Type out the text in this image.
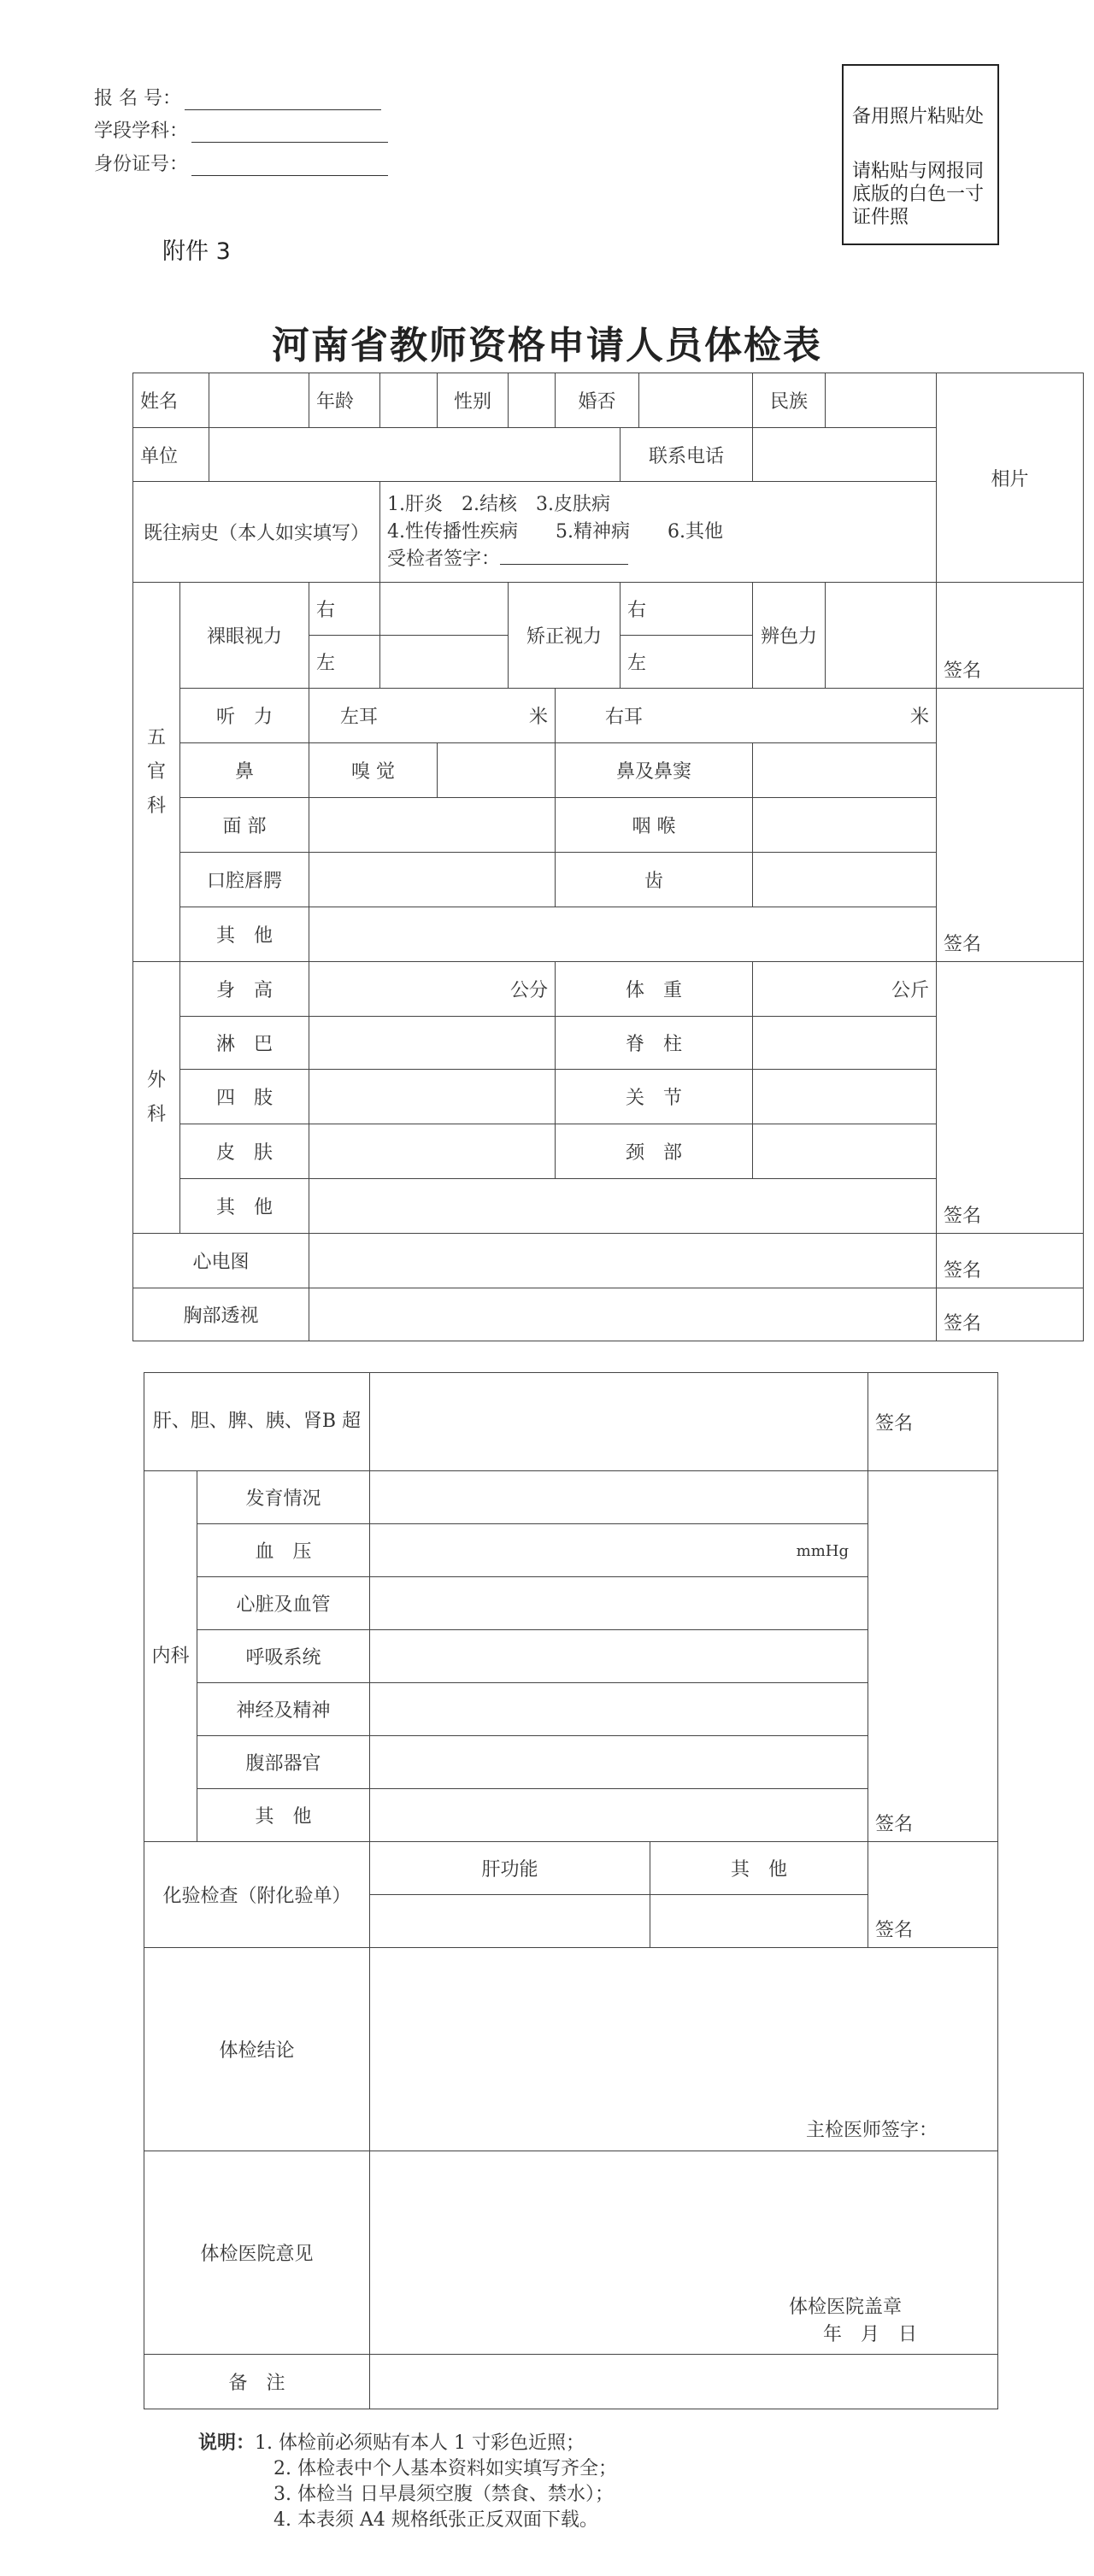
报 名 号：
学段学科：
身份证号：
备用照片粘贴处
请粘贴与网报同底版的白色一寸证件照
附件 3
河南省教师资格申请人员体检表
姓名			年龄		性别		婚否			民族		相片
单位								联系电话				
既往病史（本人如实填写）				1.肝炎　2.结核　3.皮肤病
4.性传播性疾病　　5.精神病　　6.其他
受检者签字：								

五官科	裸眼视力		右			矫正视力		右		辨色力		签名
			左					左				
	听　力		左耳 米				右耳 米					签名
	鼻		嗅 觉				鼻及鼻窦					
	面 部						咽 喉					
	口腔唇腭						齿					
	其　他											
外科	身　高		公分				体　重			公斤		签名
	淋　巴						脊　柱					
	四　肢						关　节					
	皮　肤						颈　部					
	其　他											
心电图												签名
胸部透视												签名
肝、胆、脾、胰、肾B 超				签名
内科	发育情况			签名
	血　压	mmHg		
	心脏及血管			
	呼吸系统			
	神经及精神			
	腹部器官			
	其　他			
化验检查（附化验单）		肝功能	其　他	签名

体检结论		主检医师签字：		
体检医院意见		体检医院盖章
年　月　日		

备　注				
说明：1. 体检前必须贴有本人 1 寸彩色近照；
2. 体检表中个人基本资料如实填写齐全；
3. 体检当 日早晨须空腹（禁食、禁水）；
4. 本表须 A4 规格纸张正反双面下载。
